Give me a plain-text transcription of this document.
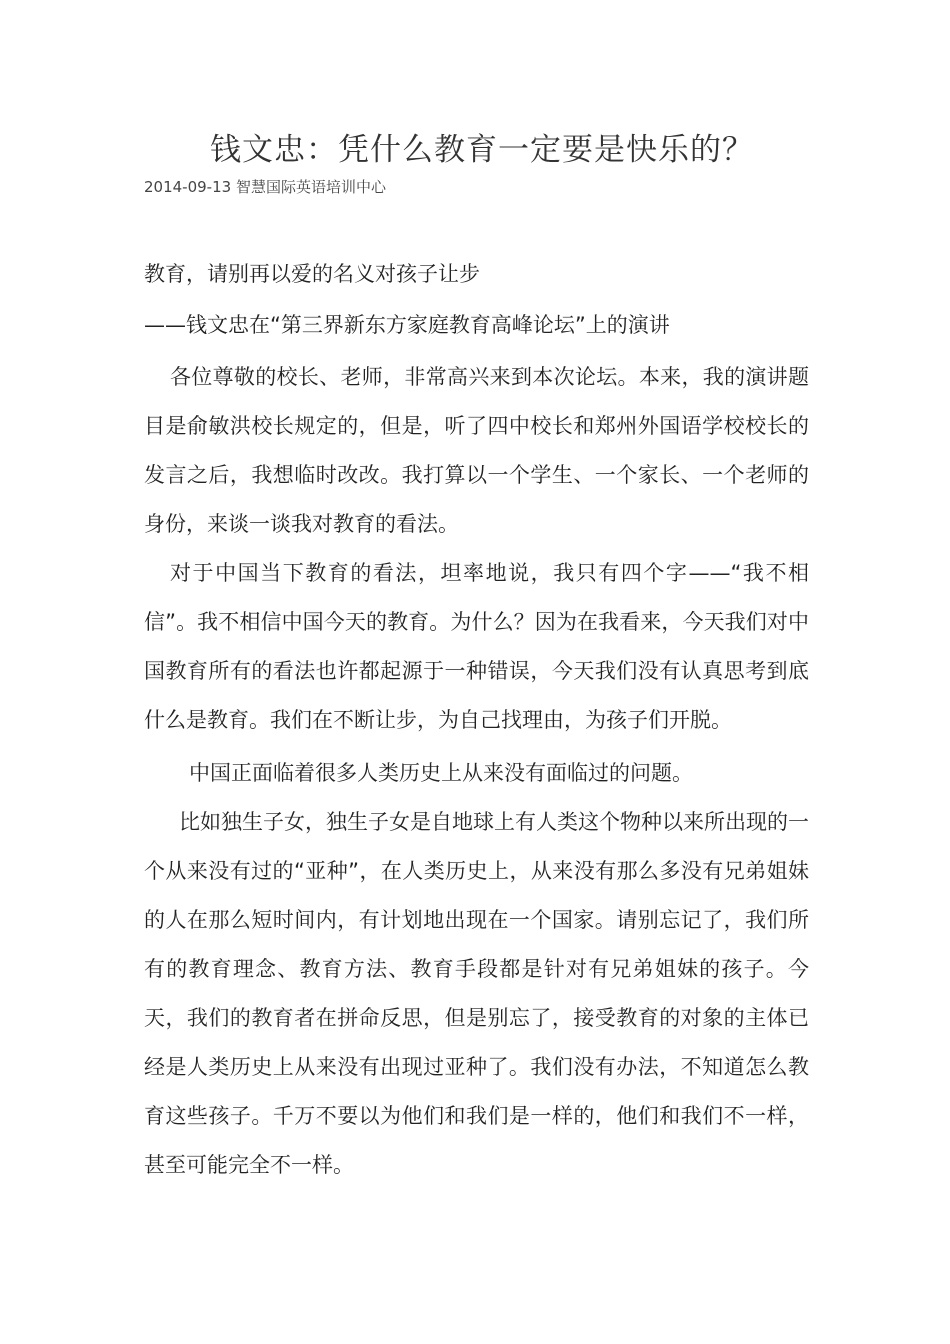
钱文忠：凭什么教育一定要是快乐的？
2014-09-13 智慧国际英语培训中心
教育，请别再以爱的名义对孩子让步
——钱文忠在“第三界新东方家庭教育高峰论坛”上的演讲
各位尊敬的校长、老师，非常高兴来到本次论坛。本来，我的演讲题目是俞敏洪校长规定的，但是，听了四中校长和郑州外国语学校校长的发言之后，我想临时改改。我打算以一个学生、一个家长、一个老师的身份，来谈一谈我对教育的看法。
对于中国当下教育的看法，坦率地说，我只有四个字——“我不相信”。我不相信中国今天的教育。为什么？因为在我看来，今天我们对中国教育所有的看法也许都起源于一种错误，今天我们没有认真思考到底什么是教育。我们在不断让步，为自己找理由，为孩子们开脱。
中国正面临着很多人类历史上从来没有面临过的问题。
比如独生子女，独生子女是自地球上有人类这个物种以来所出现的一个从来没有过的“亚种”，在人类历史上，从来没有那么多没有兄弟姐妹的人在那么短时间内，有计划地出现在一个国家。请别忘记了，我们所有的教育理念、教育方法、教育手段都是针对有兄弟姐妹的孩子。今天，我们的教育者在拼命反思，但是别忘了，接受教育的对象的主体已经是人类历史上从来没有出现过亚种了。我们没有办法，不知道怎么教育这些孩子。千万不要以为他们和我们是一样的，他们和我们不一样，甚至可能完全不一样。
